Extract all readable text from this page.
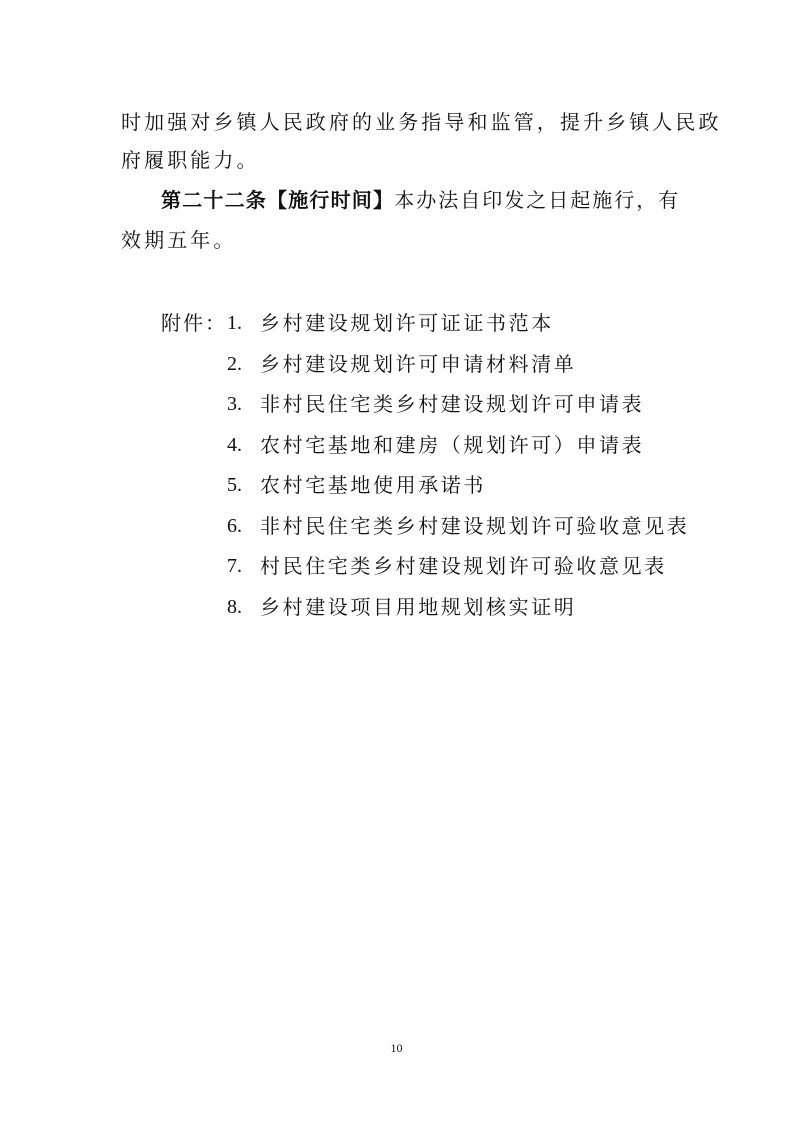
时加强对乡镇人民政府的业务指导和监管，提升乡镇人民政
府履职能力。
第二十二条【施行时间】本办法自印发之日起施行，有
效期五年。
附件： 1. 乡村建设规划许可证证书范本
2. 乡村建设规划许可申请材料清单
3. 非村民住宅类乡村建设规划许可申请表
4. 农村宅基地和建房（规划许可）申请表
5. 农村宅基地使用承诺书
6. 非村民住宅类乡村建设规划许可验收意见表
7. 村民住宅类乡村建设规划许可验收意见表
8. 乡村建设项目用地规划核实证明
10
